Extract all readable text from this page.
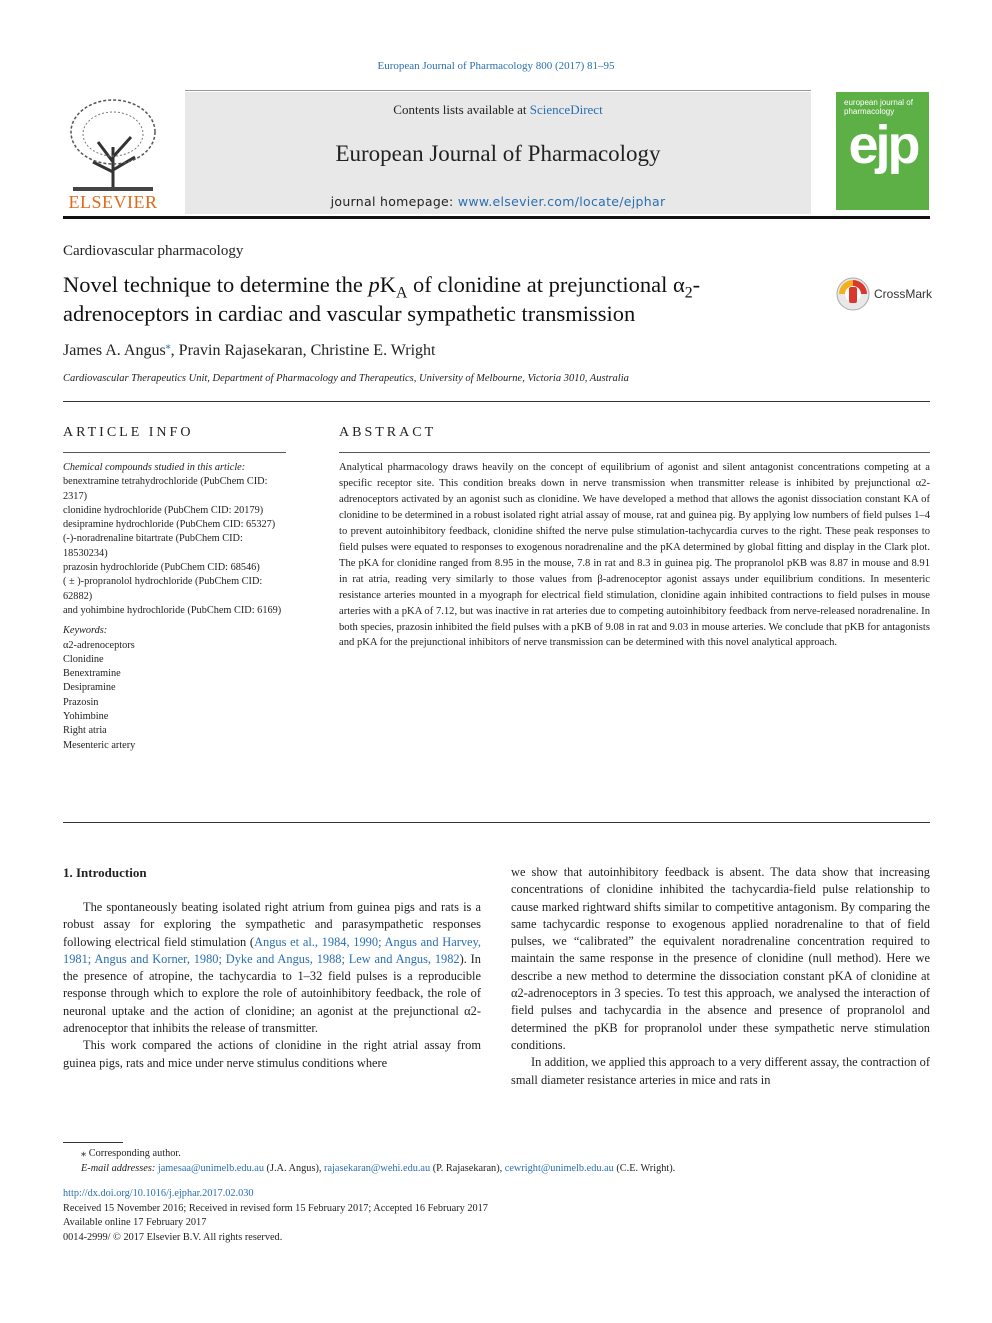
European Journal of Pharmacology 800 (2017) 81–95
ELSEVIER
Contents lists available at ScienceDirect
European Journal of Pharmacology
journal homepage: www.elsevier.com/locate/ejphar
european journal of pharmacology
ejp
Cardiovascular pharmacology
Novel technique to determine the $pK_A$ of clonidine at prejunctional $\alpha_2$-adrenoceptors in cardiac and vascular sympathetic transmission
CrossMark
James A. Angus⁎, Pravin Rajasekaran, Christine E. Wright
Cardiovascular Therapeutics Unit, Department of Pharmacology and Therapeutics, University of Melbourne, Victoria 3010, Australia
ARTICLE INFO	ABSTRACT
Chemical compounds studied in this article:
benextramine tetrahydrochloride (PubChem CID: 2317)
clonidine hydrochloride (PubChem CID: 20179)
desipramine hydrochloride (PubChem CID: 65327)
(-)-noradrenaline bitartrate (PubChem CID: 18530234)
prazosin hydrochloride (PubChem CID: 68546)
( ± )-propranolol hydrochloride (PubChem CID: 62882)
and yohimbine hydrochloride (PubChem CID: 6169)
Keywords:
α2-adrenoceptors
Clonidine
Benextramine
Desipramine
Prazosin
Yohimbine
Right atria
Mesenteric artery
Analytical pharmacology draws heavily on the concept of equilibrium of agonist and silent antagonist concentrations competing at a specific receptor site. This condition breaks down in nerve transmission when transmitter release is inhibited by prejunctional α2-adrenoceptors activated by an agonist such as clonidine. We have developed a method that allows the agonist dissociation constant KA of clonidine to be determined in a robust isolated right atrial assay of mouse, rat and guinea pig. By applying low numbers of field pulses 1–4 to prevent autoinhibitory feedback, clonidine shifted the nerve pulse stimulation-tachycardia curves to the right. These peak responses to field pulses were equated to responses to exogenous noradrenaline and the pKA determined by global fitting and display in the Clark plot. The pKA for clonidine ranged from 8.95 in the mouse, 7.8 in rat and 8.3 in guinea pig. The propranolol pKB was 8.87 in mouse and 8.91 in rat atria, reading very similarly to those values from β-adrenoceptor agonist assays under equilibrium conditions. In mesenteric resistance arteries mounted in a myograph for electrical field stimulation, clonidine again inhibited contractions to field pulses in mouse arteries with a pKA of 7.12, but was inactive in rat arteries due to competing autoinhibitory feedback from nerve-released noradrenaline. In both species, prazosin inhibited the field pulses with a pKB of 9.08 in rat and 9.03 in mouse arteries. We conclude that pKB for antagonists and pKA for the prejunctional inhibitors of nerve transmission can be determined with this novel analytical approach.
1. Introduction

The spontaneously beating isolated right atrium from guinea pigs and rats is a robust assay for exploring the sympathetic and parasympathetic responses following electrical field stimulation (Angus et al., 1984, 1990; Angus and Harvey, 1981; Angus and Korner, 1980; Dyke and Angus, 1988; Lew and Angus, 1982). In the presence of atropine, the tachycardia to 1–32 field pulses is a reproducible response through which to explore the role of autoinhibitory feedback, the role of neuronal uptake and the action of clonidine; an agonist at the prejunctional α2-adrenoceptor that inhibits the release of transmitter.

This work compared the actions of clonidine in the right atrial assay from guinea pigs, rats and mice under nerve stimulus conditions where

we show that autoinhibitory feedback is absent. The data show that increasing concentrations of clonidine inhibited the tachycardia-field pulse relationship to cause marked rightward shifts similar to competitive antagonism. By comparing the same tachycardic response to exogenous applied noradrenaline to that of field pulses, we “calibrated” the equivalent noradrenaline concentration required to maintain the same response in the presence of clonidine (null method). Here we describe a new method to determine the dissociation constant pKA of clonidine at α2-adrenoceptors in 3 species. To test this approach, we analysed the interaction of field pulses and tachycardia in the absence and presence of propranolol and determined the pKB for propranolol under these sympathetic nerve stimulation conditions.

In addition, we applied this approach to a very different assay, the contraction of small diameter resistance arteries in mice and rats in

⁎ Corresponding author.
E-mail addresses: jamesaa@unimelb.edu.au (J.A. Angus), rajasekaran@wehi.edu.au (P. Rajasekaran), cewright@unimelb.edu.au (C.E. Wright).
http://dx.doi.org/10.1016/j.ejphar.2017.02.030
Received 15 November 2016; Received in revised form 15 February 2017; Accepted 16 February 2017
Available online 17 February 2017
0014-2999/ © 2017 Elsevier B.V. All rights reserved.
